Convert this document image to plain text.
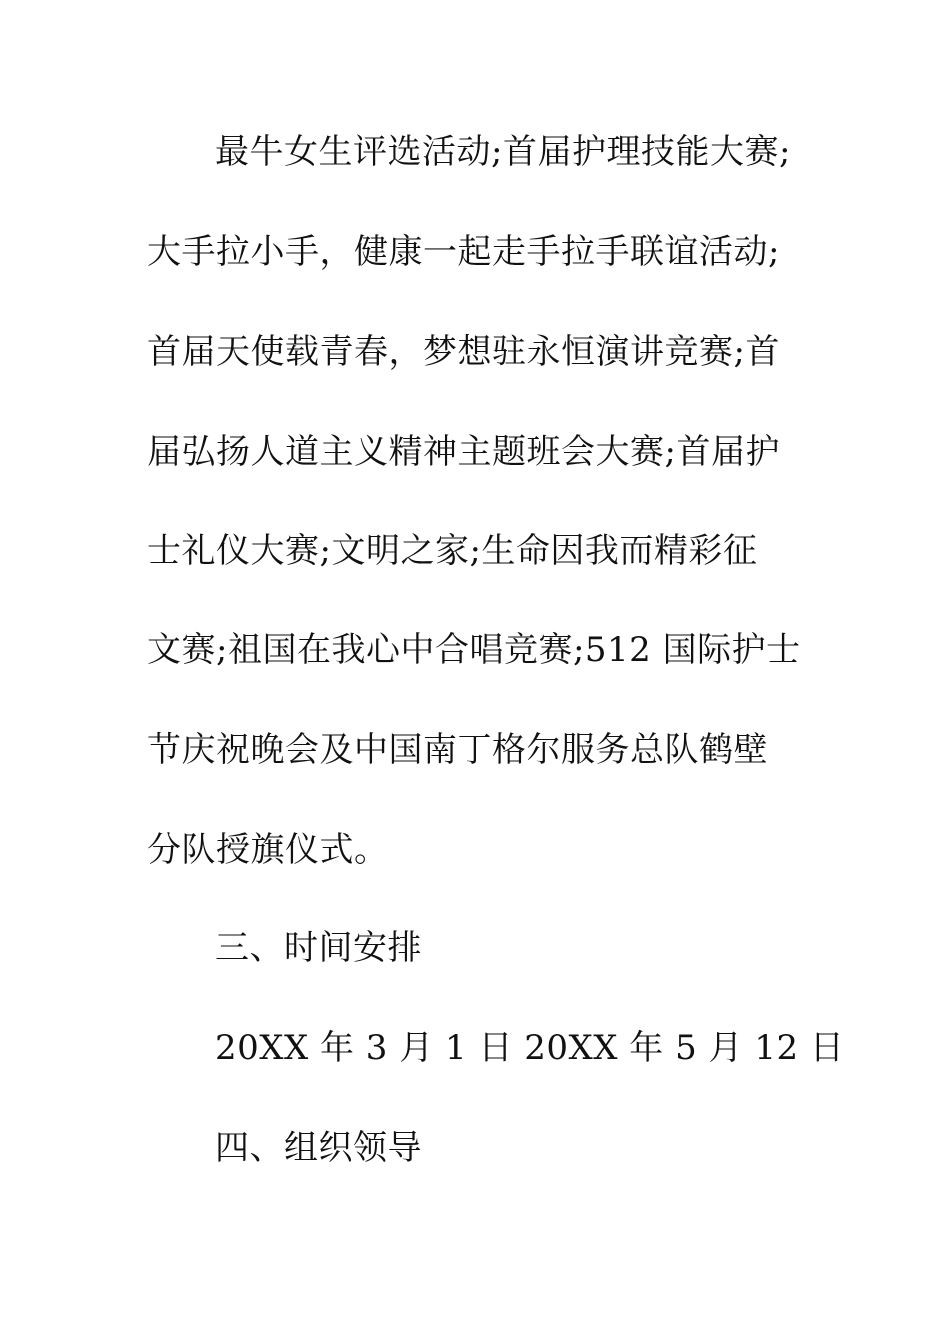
最牛女生评选活动;首届护理技能大赛;
大手拉小手，健康一起走手拉手联谊活动;
首届天使载青春，梦想驻永恒演讲竞赛;首
届弘扬人道主义精神主题班会大赛;首届护
士礼仪大赛;文明之家;生命因我而精彩征
文赛;祖国在我心中合唱竞赛;512 国际护士
节庆祝晚会及中国南丁格尔服务总队鹤壁
分队授旗仪式。
三、时间安排
20XX 年 3 月 1 日 20XX 年 5 月 12 日
四、组织领导
